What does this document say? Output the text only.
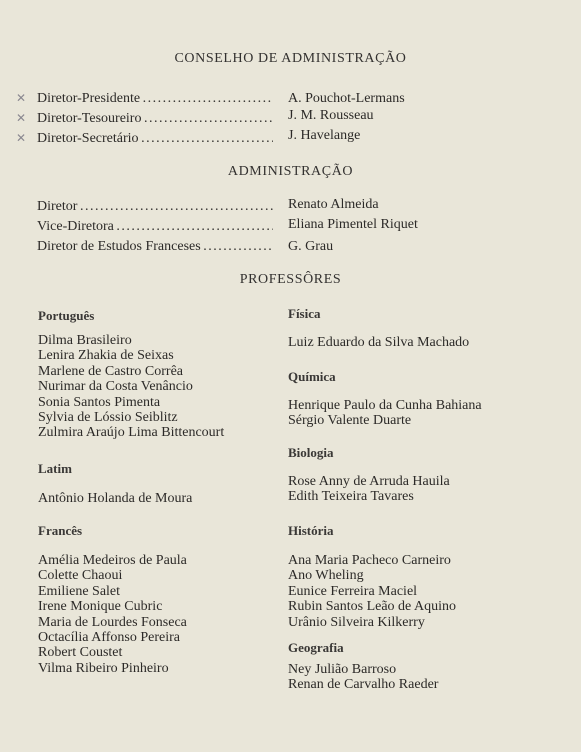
CONSELHO DE ADMINISTRAÇÃO
✕ Diretor-Presidente . . .	A. Pouchot-Lermans
✕ Diretor-Tesoureiro . . .	J. M. Rousseau
✕ Diretor-Secretário . . .	J. Havelange
ADMINISTRAÇÃO
Diretor . . .	Renato Almeida
Vice-Diretora . . .	Eliana Pimentel Riquet
Diretor de Estudos Franceses . . .	G. Grau
PROFESSÔRES
Português
Dilma Brasileiro
Lenira Zhakia de Seixas
Marlene de Castro Corrêa
Nurimar da Costa Venâncio
Sonia Santos Pimenta
Sylvia de Lóssio Seiblitz
Zulmira Araújo Lima Bittencourt
Latim
Antônio Holanda de Moura
Francês
Amélia Medeiros de Paula
Colette Chaoui
Emiliene Salet
Irene Monique Cubric
Maria de Lourdes Fonseca
Octacília Affonso Pereira
Robert Coustet
Vilma Ribeiro Pinheiro
Física
Luiz Eduardo da Silva Machado
Química
Henrique Paulo da Cunha Bahiana
Sérgio Valente Duarte
Biologia
Rose Anny de Arruda Hauila
Edith Teixeira Tavares
História
Ana Maria Pacheco Carneiro
Ano Wheling
Eunice Ferreira Maciel
Rubin Santos Leão de Aquino
Urânio Silveira Kilkerry
Geografia
Ney Julião Barroso
Renan de Carvalho Raeder
